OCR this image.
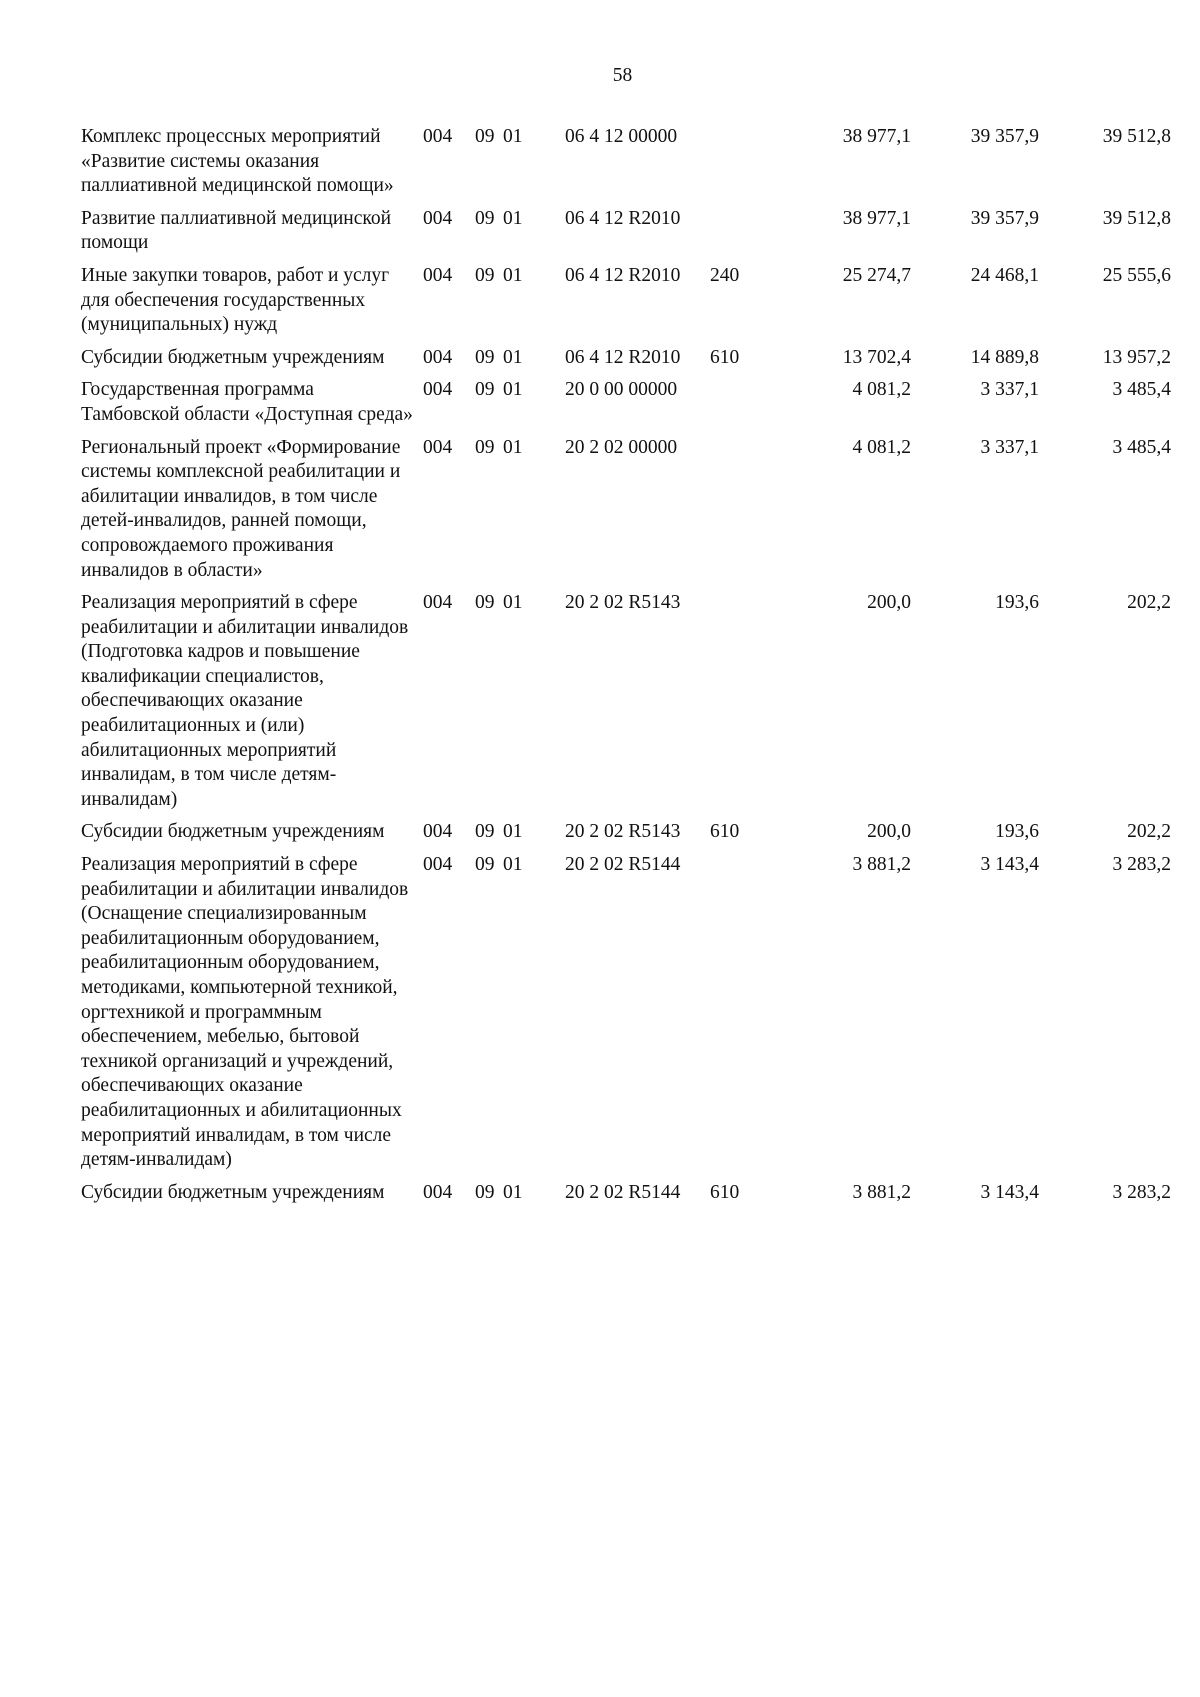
58
Комплекс процессных мероприятий «Развитие системы оказания паллиативной медицинской помощи»	004	09	01	06 4 12 00000		38 977,1	39 357,9	39 512,8
Развитие паллиативной медицинской помощи	004	09	01	06 4 12 R2010		38 977,1	39 357,9	39 512,8
Иные закупки товаров, работ и услуг для обеспечения государственных (муниципальных) нужд	004	09	01	06 4 12 R2010	240	25 274,7	24 468,1	25 555,6
Субсидии бюджетным учреждениям	004	09	01	06 4 12 R2010	610	13 702,4	14 889,8	13 957,2
Государственная программа Тамбовской области «Доступная среда»	004	09	01	20 0 00 00000		4 081,2	3 337,1	3 485,4
Региональный проект «Формирование системы комплексной реабилитации и абилитации инвалидов, в том числе детей-инвалидов, ранней помощи, сопровождаемого проживания инвалидов в области»	004	09	01	20 2 02 00000		4 081,2	3 337,1	3 485,4
Реализация мероприятий в сфере реабилитации и абилитации инвалидов (Подготовка кадров и повышение квалификации специалистов, обеспечивающих оказание реабилитационных и (или) абилитационных мероприятий инвалидам, в том числе детям-инвалидам)	004	09	01	20 2 02 R5143		200,0	193,6	202,2
Субсидии бюджетным учреждениям	004	09	01	20 2 02 R5143	610	200,0	193,6	202,2
Реализация мероприятий в сфере реабилитации и абилитации инвалидов (Оснащение специализированным реабилитационным оборудованием, реабилитационным оборудованием, методиками, компьютерной техникой, оргтехникой и программным обеспечением, мебелью, бытовой техникой организаций и учреждений, обеспечивающих оказание реабилитационных и абилитационных мероприятий инвалидам, в том числе детям-инвалидам)	004	09	01	20 2 02 R5144		3 881,2	3 143,4	3 283,2
Субсидии бюджетным учреждениям	004	09	01	20 2 02 R5144	610	3 881,2	3 143,4	3 283,2
